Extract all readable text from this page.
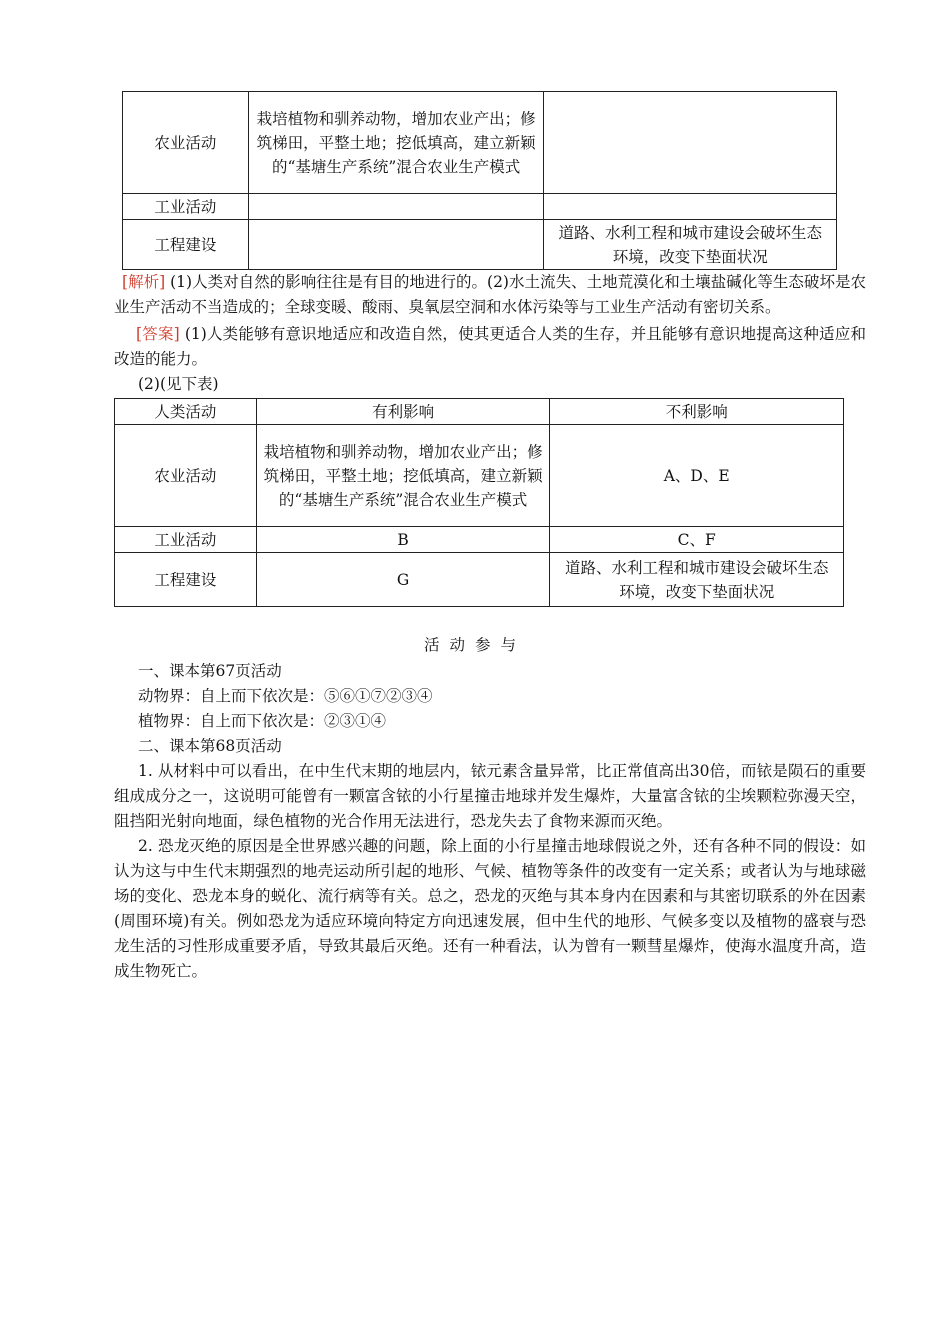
农业活动	栽培植物和驯养动物，增加农业产出；修筑梯田，平整土地；挖低填高，建立新颖的“基塘生产系统”混合农业生产模式	
工业活动		
工程建设		道路、水利工程和城市建设会破坏生态环境，改变下垫面状况

[解析] (1)人类对自然的影响往往是有目的地进行的。(2)水土流失、土地荒漠化和土壤盐碱化等生态破坏是农业生产活动不当造成的；全球变暖、酸雨、臭氧层空洞和水体污染等与工业生产活动有密切关系。

[答案] (1)人类能够有意识地适应和改造自然，使其更适合人类的生存，并且能够有意识地提高这种适应和改造的能力。

(2)(见下表)
人类活动	有利影响	不利影响
农业活动	栽培植物和驯养动物，增加农业产出；修筑梯田，平整土地；挖低填高，建立新颖的“基塘生产系统”混合农业生产模式	A、D、E
工业活动	B	C、F
工程建设	G	道路、水利工程和城市建设会破坏生态环境，改变下垫面状况
活动参与
一、课本第67页活动
动物界：自上而下依次是：⑤⑥①⑦②③④
植物界：自上而下依次是：②③①④
二、课本第68页活动

1. 从材料中可以看出，在中生代末期的地层内，铱元素含量异常，比正常值高出30倍，而铱是陨石的重要组成成分之一，这说明可能曾有一颗富含铱的小行星撞击地球并发生爆炸，大量富含铱的尘埃颗粒弥漫天空，阻挡阳光射向地面，绿色植物的光合作用无法进行，恐龙失去了食物来源而灭绝。

2. 恐龙灭绝的原因是全世界感兴趣的问题，除上面的小行星撞击地球假说之外，还有各种不同的假设：如认为这与中生代末期强烈的地壳运动所引起的地形、气候、植物等条件的改变有一定关系；或者认为与地球磁场的变化、恐龙本身的蜕化、流行病等有关。总之，恐龙的灭绝与其本身内在因素和与其密切联系的外在因素(周围环境)有关。例如恐龙为适应环境向特定方向迅速发展，但中生代的地形、气候多变以及植物的盛衰与恐龙生活的习性形成重要矛盾，导致其最后灭绝。还有一种看法，认为曾有一颗彗星爆炸，使海水温度升高，造成生物死亡。
